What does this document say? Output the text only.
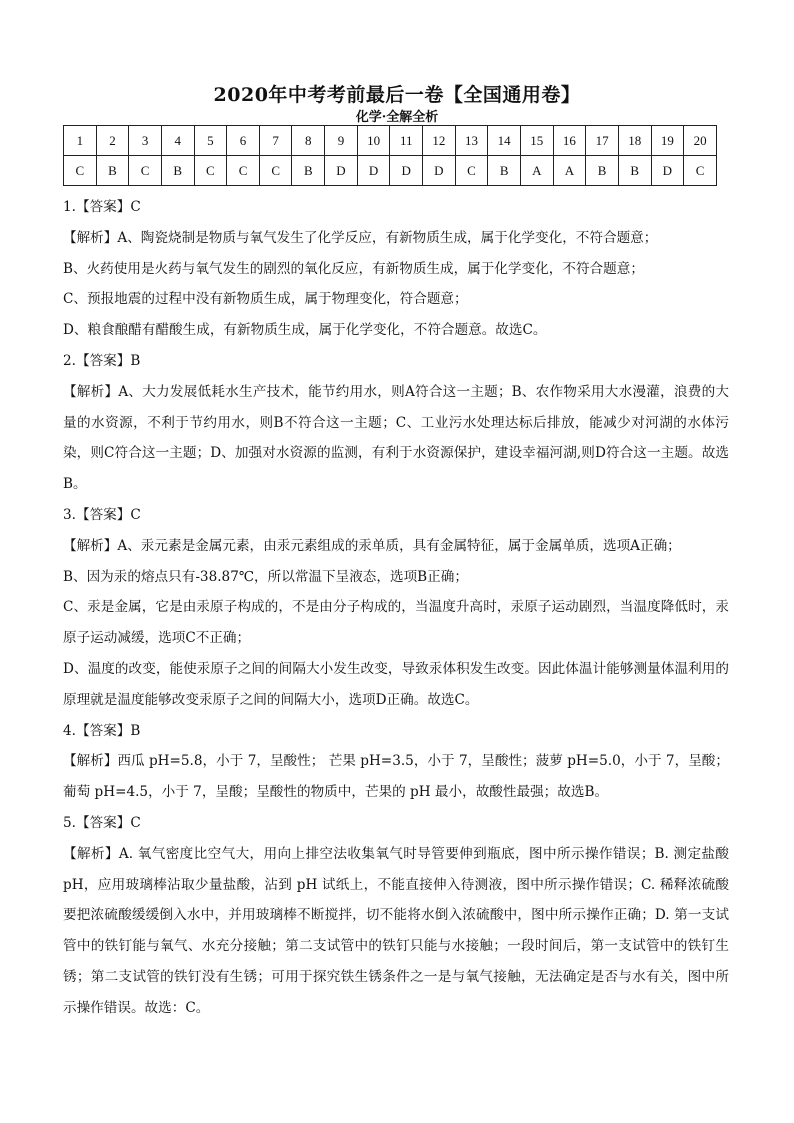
2020年中考考前最后一卷【全国通用卷】
化学·全解全析
1	2	3	4	5	6	7	8	9	10	11	12	13	14	15	16	17	18	19	20
C	B	C	B	C	C	C	B	D	D	D	D	C	B	A	A	B	B	D	C

1.【答案】C

【解析】A、陶瓷烧制是物质与氧气发生了化学反应，有新物质生成，属于化学变化，不符合题意；

B、火药使用是火药与氧气发生的剧烈的氧化反应，有新物质生成，属于化学变化，不符合题意；

C、预报地震的过程中没有新物质生成，属于物理变化，符合题意；

D、粮食酿醋有醋酸生成，有新物质生成，属于化学变化，不符合题意。故选C。

2.【答案】B

【解析】A、大力发展低耗水生产技术，能节约用水，则A符合这一主题；B、农作物采用大水漫灌，浪费的大量的水资源，不利于节约用水，则B不符合这一主题；C、工业污水处理达标后排放，能减少对河湖的水体污染，则C符合这一主题；D、加强对水资源的监测，有利于水资源保护，建设幸福河湖,则D符合这一主题。故选B。

3.【答案】C

【解析】A、汞元素是金属元素，由汞元素组成的汞单质，具有金属特征，属于金属单质，选项A正确；

B、因为汞的熔点只有-38.87℃，所以常温下呈液态，选项B正确；

C、汞是金属，它是由汞原子构成的，不是由分子构成的，当温度升高时，汞原子运动剧烈，当温度降低时，汞原子运动减缓，选项C不正确；

D、温度的改变，能使汞原子之间的间隔大小发生改变，导致汞体积发生改变。因此体温计能够测量体温利用的原理就是温度能够改变汞原子之间的间隔大小，选项D正确。故选C。

4.【答案】B

【解析】西瓜 pH=5.8，小于 7，呈酸性； 芒果 pH=3.5，小于 7，呈酸性；菠萝 pH=5.0，小于 7，呈酸； 葡萄 pH=4.5，小于 7，呈酸；呈酸性的物质中，芒果的 pH 最小，故酸性最强；故选B。

5.【答案】C

【解析】A. 氧气密度比空气大，用向上排空法收集氧气时导管要伸到瓶底，图中所示操作错误；B. 测定盐酸 pH，应用玻璃棒沾取少量盐酸，沾到 pH 试纸上，不能直接伸入待测液，图中所示操作错误；C. 稀释浓硫酸要把浓硫酸缓缓倒入水中，并用玻璃棒不断搅拌，切不能将水倒入浓硫酸中，图中所示操作正确；D. 第一支试管中的铁钉能与氧气、水充分接触；第二支试管中的铁钉只能与水接触；一段时间后，第一支试管中的铁钉生锈；第二支试管的铁钉没有生锈；可用于探究铁生锈条件之一是与氧气接触，无法确定是否与水有关，图中所示操作错误。故选：C。
